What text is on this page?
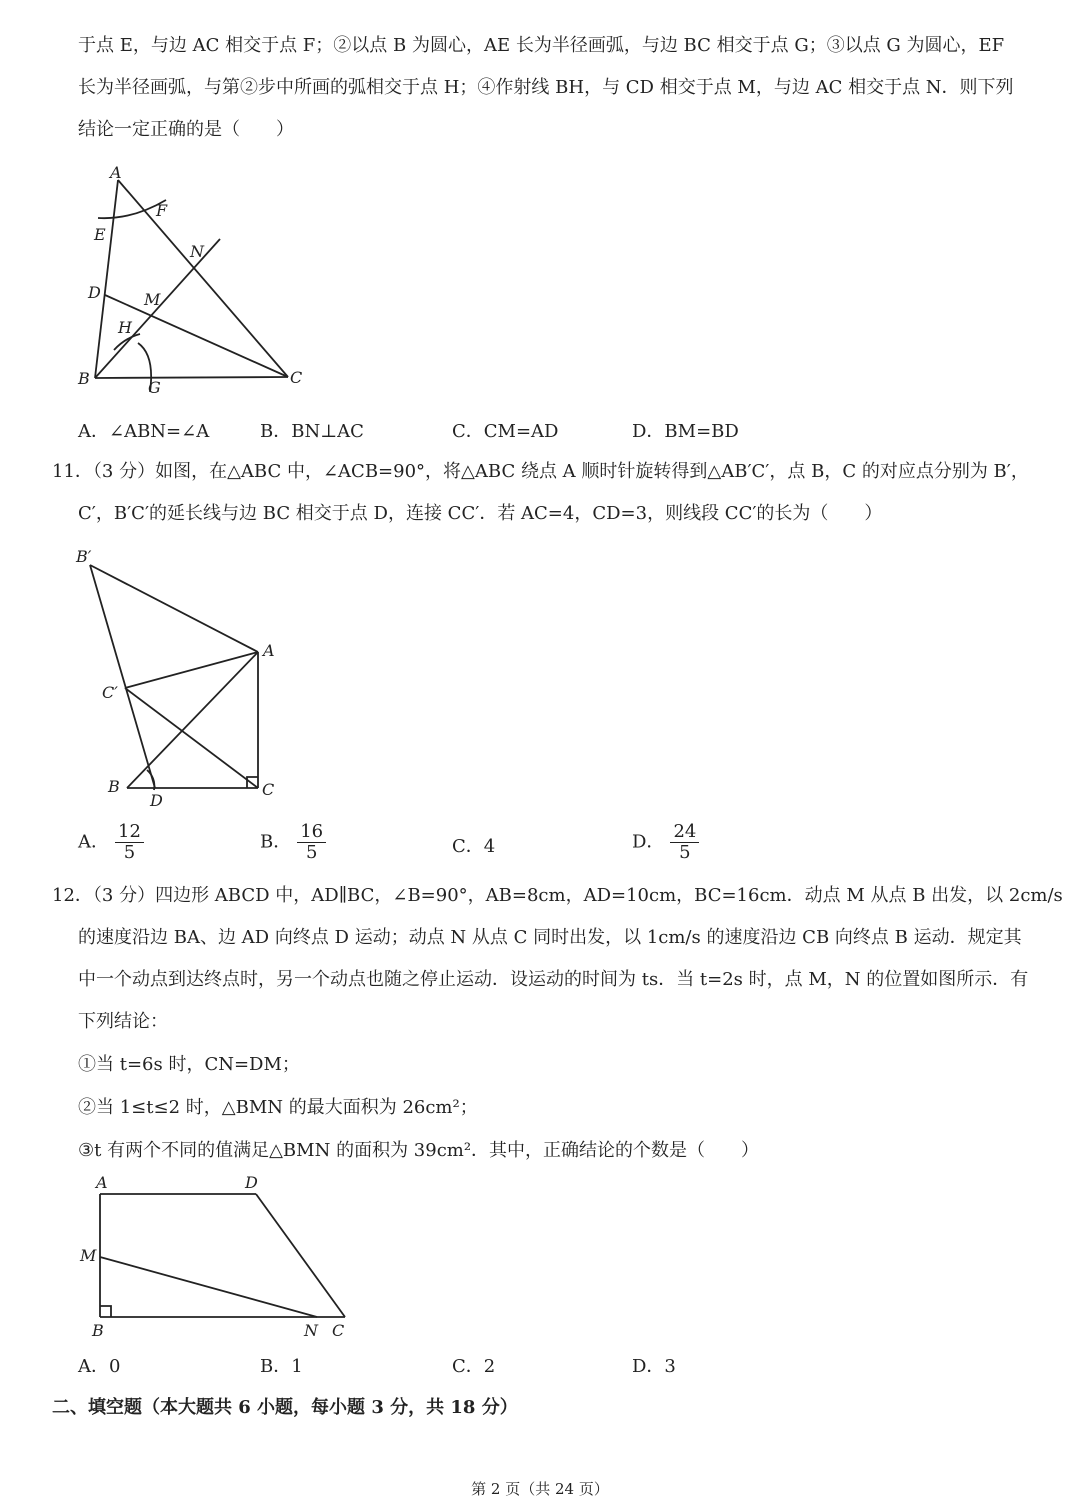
于点 E，与边 AC 相交于点 F；②以点 B 为圆心，AE 长为半径画弧，与边 BC 相交于点 G；③以点 G 为圆心，EF
长为半径画弧，与第②步中所画的弧相交于点 H；④作射线 BH，与 CD 相交于点 M，与边 AC 相交于点 N．则下列
结论一定正确的是（　　）
A
F
E
N
D	M
H
B	G
C
A．∠ABN=∠A	B．BN⊥AC	C．CM=AD	D．BM=BD
11．（3 分）如图，在△ABC 中，∠ACB=90°，将△ABC 绕点 A 顺时针旋转得到△AB′C′，点 B，C 的对应点分别为 B′，
C′，B′C′的延长线与边 BC 相交于点 D，连接 CC′．若 AC=4，CD=3，则线段 CC′的长为（　　）
B′
A
C′
B
D
C
A． $\frac{12}{5}$	B． $\frac{16}{5}$	C．4	D． $\frac{24}{5}$
12．（3 分）四边形 ABCD 中，AD∥BC，∠B=90°，AB=8cm，AD=10cm，BC=16cm．动点 M 从点 B 出发，以 2cm/s
的速度沿边 BA、边 AD 向终点 D 运动；动点 N 从点 C 同时出发，以 1cm/s 的速度沿边 CB 向终点 B 运动．规定其
中一个动点到达终点时，另一个动点也随之停止运动．设运动的时间为 ts．当 t=2s 时，点 M，N 的位置如图所示．有
下列结论：
①当 t=6s 时，CN=DM；
②当 1≤t≤2 时，△BMN 的最大面积为 26cm²；
③t 有两个不同的值满足△BMN 的面积为 39cm²．其中，正确结论的个数是（　　）
A	D
M
B	N C
A．0	B．1	C．2	D．3
二、填空题（本大题共 6 小题，每小题 3 分，共 18 分）
第 2 页（共 24 页）
